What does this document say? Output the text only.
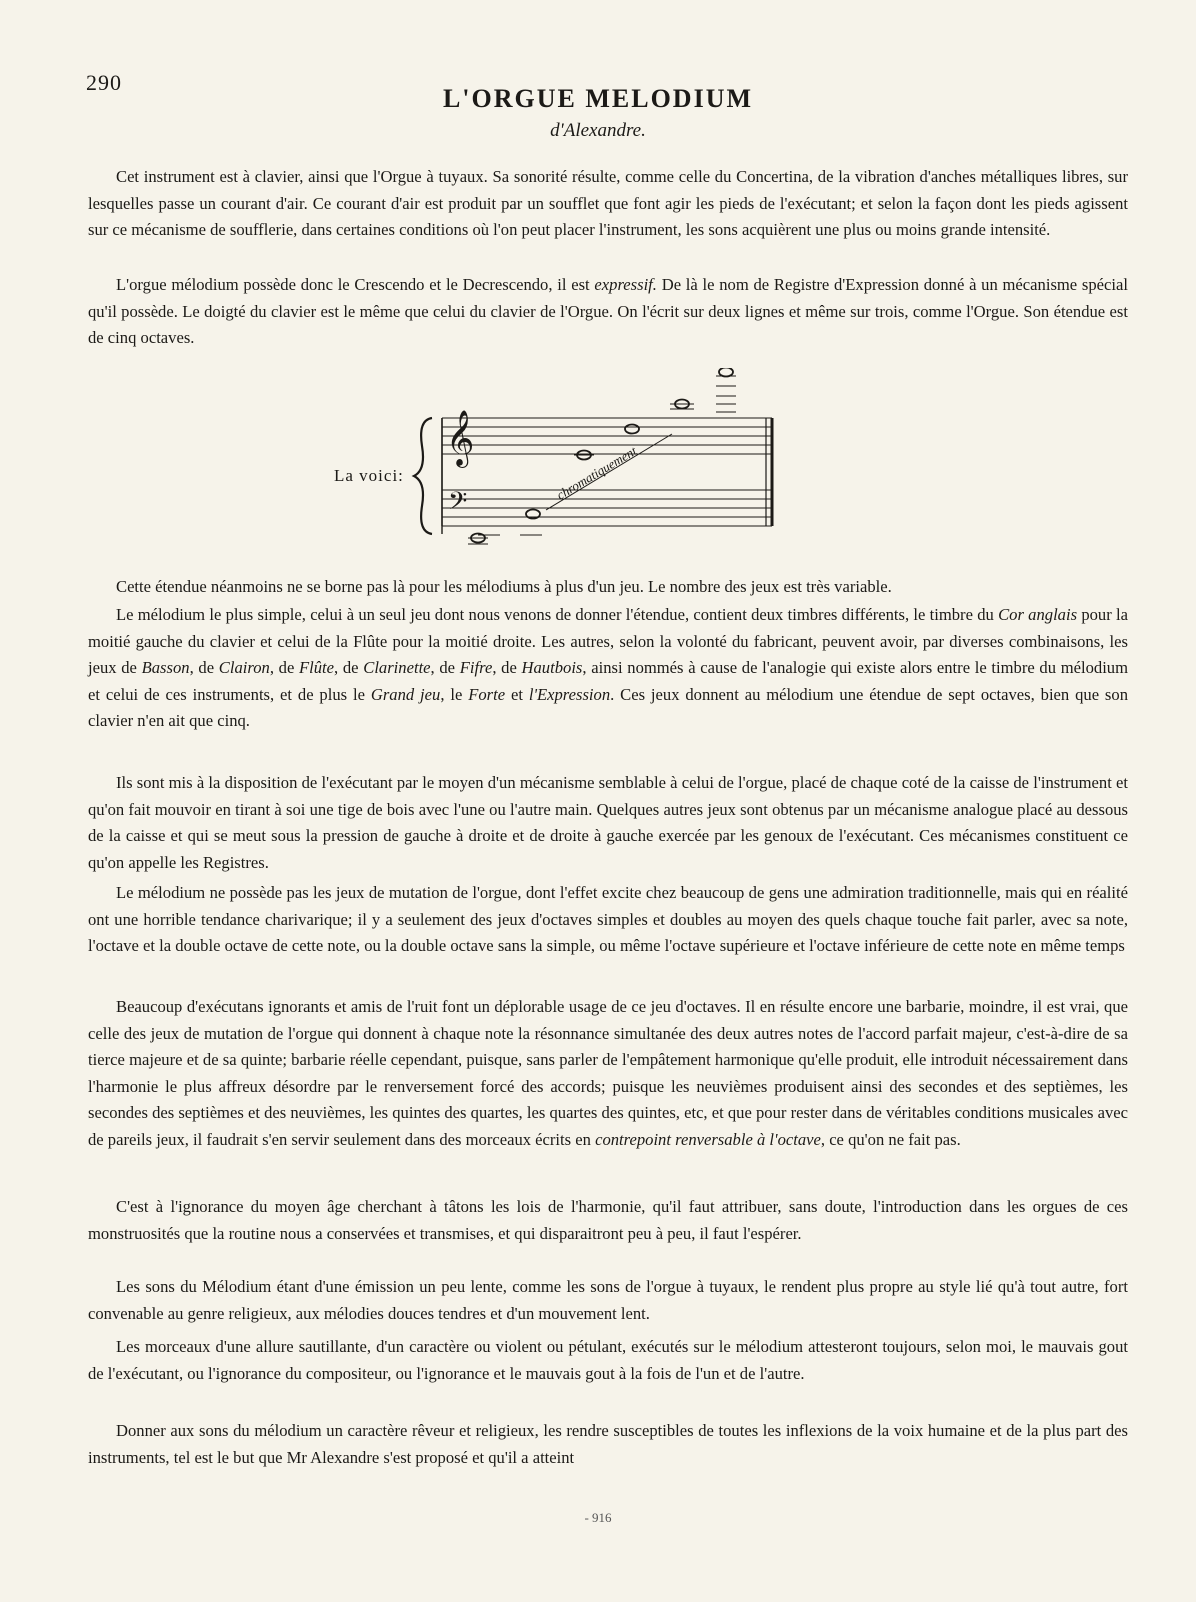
290
L'ORGUE MELODIUM
d'Alexandre.

Cet instrument est à clavier, ainsi que l'Orgue à tuyaux. Sa sonorité résulte, comme celle du Concertina, de la vibration d'anches métalliques libres, sur lesquelles passe un courant d'air. Ce courant d'air est produit par un soufflet que font agir les pieds de l'exécutant; et selon la façon dont les pieds agissent sur ce mécanisme de soufflerie, dans certaines conditions où l'on peut placer l'instrument, les sons acquièrent une plus ou moins grande intensité.

L'orgue mélodium possède donc le Crescendo et le Decrescendo, il est expressif. De là le nom de Registre d'Expression donné à un mécanisme spécial qu'il possède. Le doigté du clavier est le même que celui du clavier de l'Orgue. On l'écrit sur deux lignes et même sur trois, comme l'Orgue. Son étendue est de cinq octaves.

La voici:
𝄞
𝄢
chromatiquement

Cette étendue néanmoins ne se borne pas là pour les mélodiums à plus d'un jeu. Le nombre des jeux est très variable.

Le mélodium le plus simple, celui à un seul jeu dont nous venons de donner l'étendue, contient deux timbres différents, le timbre du Cor anglais pour la moitié gauche du clavier et celui de la Flûte pour la moitié droite. Les autres, selon la volonté du fabricant, peuvent avoir, par diverses combinaisons, les jeux de Basson, de Clairon, de Flûte, de Clarinette, de Fifre, de Hautbois, ainsi nommés à cause de l'analogie qui existe alors entre le timbre du mélodium et celui de ces instruments, et de plus le Grand jeu, le Forte et l'Expression. Ces jeux donnent au mélodium une étendue de sept octaves, bien que son clavier n'en ait que cinq.

Ils sont mis à la disposition de l'exécutant par le moyen d'un mécanisme semblable à celui de l'orgue, placé de chaque coté de la caisse de l'instrument et qu'on fait mouvoir en tirant à soi une tige de bois avec l'une ou l'autre main. Quelques autres jeux sont obtenus par un mécanisme analogue placé au dessous de la caisse et qui se meut sous la pression de gauche à droite et de droite à gauche exercée par les genoux de l'exécutant. Ces mécanismes constituent ce qu'on appelle les Registres.

Le mélodium ne possède pas les jeux de mutation de l'orgue, dont l'effet excite chez beaucoup de gens une admiration traditionnelle, mais qui en réalité ont une horrible tendance charivarique; il y a seulement des jeux d'octaves simples et doubles au moyen des quels chaque touche fait parler, avec sa note, l'octave et la double octave de cette note, ou la double octave sans la simple, ou même l'octave supérieure et l'octave inférieure de cette note en même temps

Beaucoup d'exécutans ignorants et amis de l'ruit font un déplorable usage de ce jeu d'octaves. Il en résulte encore une barbarie, moindre, il est vrai, que celle des jeux de mutation de l'orgue qui donnent à chaque note la résonnance simultanée des deux autres notes de l'accord parfait majeur, c'est-à-dire de sa tierce majeure et de sa quinte; barbarie réelle cependant, puisque, sans parler de l'empâtement harmonique qu'elle produit, elle introduit nécessairement dans l'harmonie le plus affreux désordre par le renversement forcé des accords; puisque les neuvièmes produisent ainsi des secondes et des septièmes, les secondes des septièmes et des neuvièmes, les quintes des quartes, les quartes des quintes, etc, et que pour rester dans de véritables conditions musicales avec de pareils jeux, il faudrait s'en servir seulement dans des morceaux écrits en contrepoint renversable à l'octave, ce qu'on ne fait pas.

C'est à l'ignorance du moyen âge cherchant à tâtons les lois de l'harmonie, qu'il faut attribuer, sans doute, l'introduction dans les orgues de ces monstruosités que la routine nous a conservées et transmises, et qui disparaitront peu à peu, il faut l'espérer.

Les sons du Mélodium étant d'une émission un peu lente, comme les sons de l'orgue à tuyaux, le rendent plus propre au style lié qu'à tout autre, fort convenable au genre religieux, aux mélodies douces tendres et d'un mouvement lent.

Les morceaux d'une allure sautillante, d'un caractère ou violent ou pétulant, exécutés sur le mélodium attesteront toujours, selon moi, le mauvais gout de l'exécutant, ou l'ignorance du compositeur, ou l'ignorance et le mauvais gout à la fois de l'un et de l'autre.

Donner aux sons du mélodium un caractère rêveur et religieux, les rendre susceptibles de toutes les inflexions de la voix humaine et de la plus part des instruments, tel est le but que Mr Alexandre s'est proposé et qu'il a atteint

- 916
